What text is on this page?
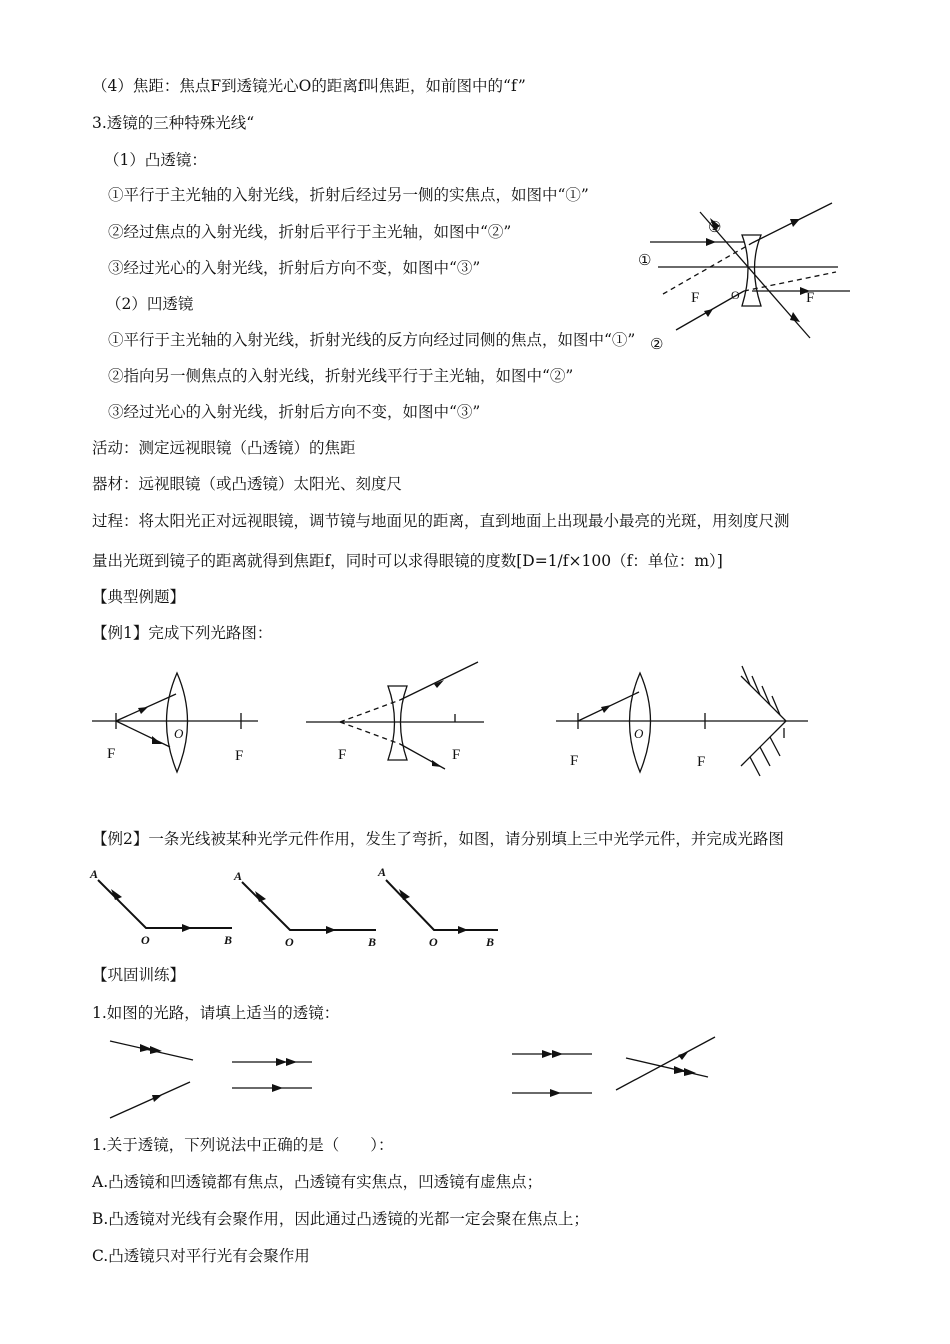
（4）焦距：焦点F到透镜光心O的距离f叫焦距，如前图中的“f”
3.透镜的三种特殊光线“
（1）凸透镜：
①平行于主光轴的入射光线，折射后经过另一侧的实焦点，如图中“①”
②经过焦点的入射光线，折射后平行于主光轴，如图中“②”
③经过光心的入射光线，折射后方向不变，如图中“③”
（2）凹透镜
①平行于主光轴的入射光线，折射光线的反方向经过同侧的焦点，如图中“①”
②指向另一侧焦点的入射光线，折射光线平行于主光轴，如图中“②”
③经过光心的入射光线，折射后方向不变，如图中“③”
活动：测定远视眼镜（凸透镜）的焦距
器材：远视眼镜（或凸透镜）太阳光、刻度尺
过程：将太阳光正对远视眼镜，调节镜与地面见的距离，直到地面上出现最小最亮的光斑，用刻度尺测
量出光斑到镜子的距离就得到焦距f，同时可以求得眼镜的度数[D=1/f×100（f：单位：m）]
【典型例题】
【例1】完成下列光路图：
【例2】一条光线被某种光学元件作用，发生了弯折，如图，请分别填上三中光学元件，并完成光路图
【巩固训练】
1.如图的光路，请填上适当的透镜：
1.关于透镜，下列说法中正确的是（　　）：
A.凸透镜和凹透镜都有焦点，凸透镜有实焦点，凹透镜有虚焦点；
B.凸透镜对光线有会聚作用，因此通过凸透镜的光都一定会聚在焦点上；
C.凸透镜只对平行光有会聚作用
①
②
③
F	O	F
F
O
F	F	F	F
O
F
A
O	B
A
O	B
A
O	B
